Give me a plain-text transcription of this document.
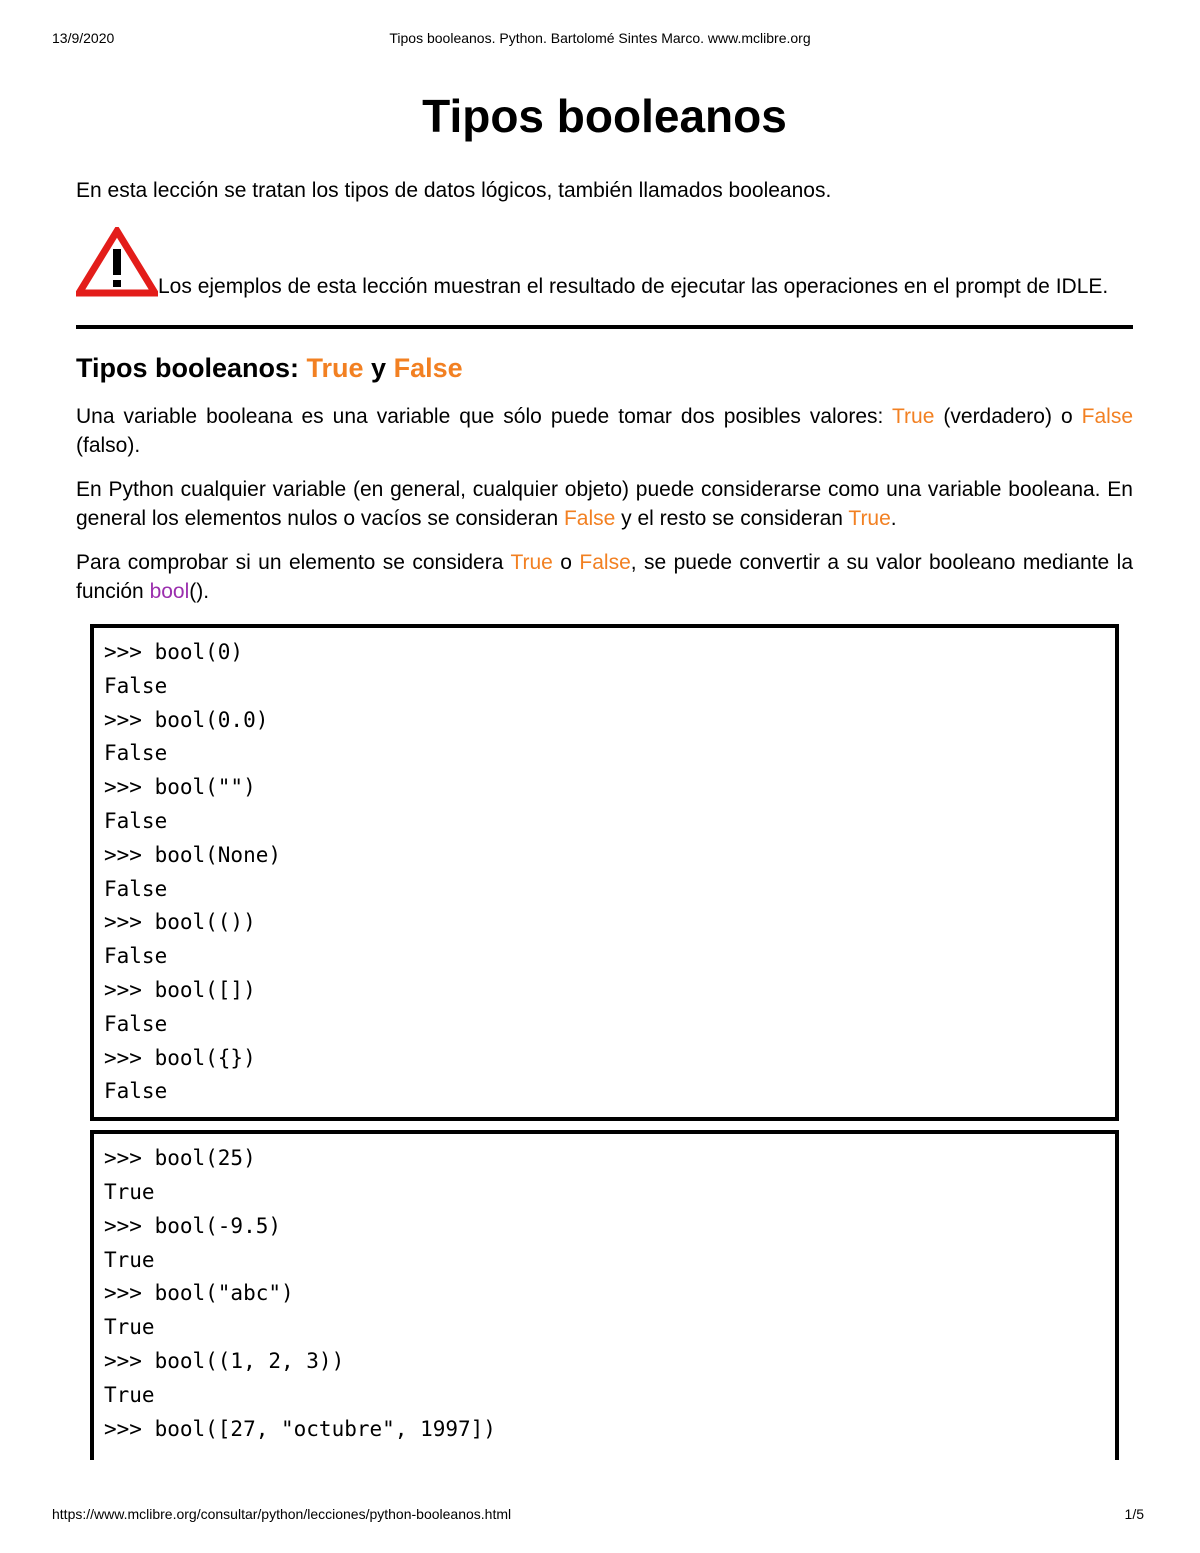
13/9/2020	Tipos booleanos. Python. Bartolomé Sintes Marco. www.mclibre.org
Tipos booleanos

En esta lección se tratan los tipos de datos lógicos, también llamados booleanos.

Los ejemplos de esta lección muestran el resultado de ejecutar las operaciones en el prompt de IDLE.

Tipos booleanos: True y False

Una variable booleana es una variable que sólo puede tomar dos posibles valores: True (verdadero) o False (falso).

En Python cualquier variable (en general, cualquier objeto) puede considerarse como una variable booleana. En general los elementos nulos o vacíos se consideran False y el resto se consideran True.

Para comprobar si un elemento se considera True o False, se puede convertir a su valor booleano mediante la función bool().

>>> bool(0)
False
>>> bool(0.0)
False
>>> bool("")
False
>>> bool(None)
False
>>> bool(())
False
>>> bool([])
False
>>> bool({})
False
>>> bool(25)
True
>>> bool(-9.5)
True
>>> bool("abc")
True
>>> bool((1, 2, 3))
True
>>> bool([27, "octubre", 1997])
https://www.mclibre.org/consultar/python/lecciones/python-booleanos.html	1/5
